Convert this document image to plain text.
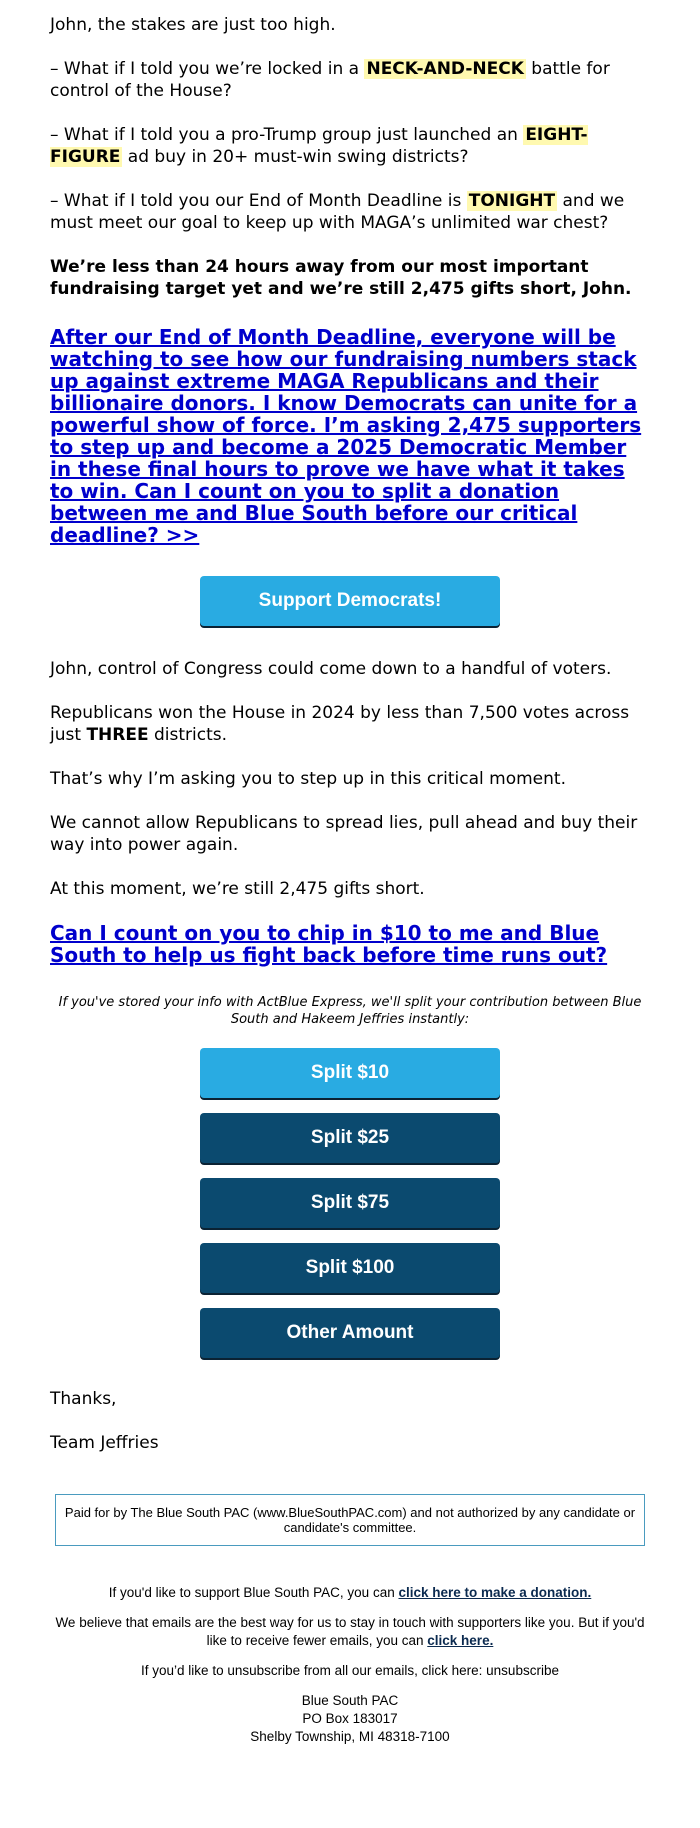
John, the stakes are just too high.

– What if I told you we’re locked in a NECK-AND-NECK battle for control of the House?

– What if I told you a pro-Trump group just launched an EIGHT-FIGURE ad buy in 20+ must-win swing districts?

– What if I told you our End of Month Deadline is TONIGHT and we must meet our goal to keep up with MAGA’s unlimited war chest?

We’re less than 24 hours away from our most important fundraising target yet and we’re still 2,475 gifts short, John.

After our End of Month Deadline, everyone will be watching to see how our fundraising numbers stack up against extreme MAGA Republicans and their billionaire donors. I know Democrats can unite for a powerful show of force. I’m asking 2,475 supporters to step up and become a 2025 Democratic Member in these final hours to prove we have what it takes to win. Can I count on you to split a donation between me and Blue South before our critical deadline? >>
Support Democrats!

John, control of Congress could come down to a handful of voters.

Republicans won the House in 2024 by less than 7,500 votes across just THREE districts.

That’s why I’m asking you to step up in this critical moment.

We cannot allow Republicans to spread lies, pull ahead and buy their way into power again.

At this moment, we’re still 2,475 gifts short.

Can I count on you to chip in $10 to me and Blue South to help us fight back before time runs out?

If you've stored your info with ActBlue Express, we'll split your contribution between Blue South and Hakeem Jeffries instantly:

Split $10
Split $25
Split $75
Split $100
Other Amount

Thanks,

Team Jeffries

Paid for by The Blue South PAC (www.BlueSouthPAC.com) and not authorized by any candidate or candidate's committee.

If you'd like to support Blue South PAC, you can click here to make a donation.

We believe that emails are the best way for us to stay in touch with supporters like you. But if you'd like to receive fewer emails, you can click here.

If you’d like to unsubscribe from all our emails, click here: unsubscribe

Blue South PAC
PO Box 183017
Shelby Township, MI 48318-7100
